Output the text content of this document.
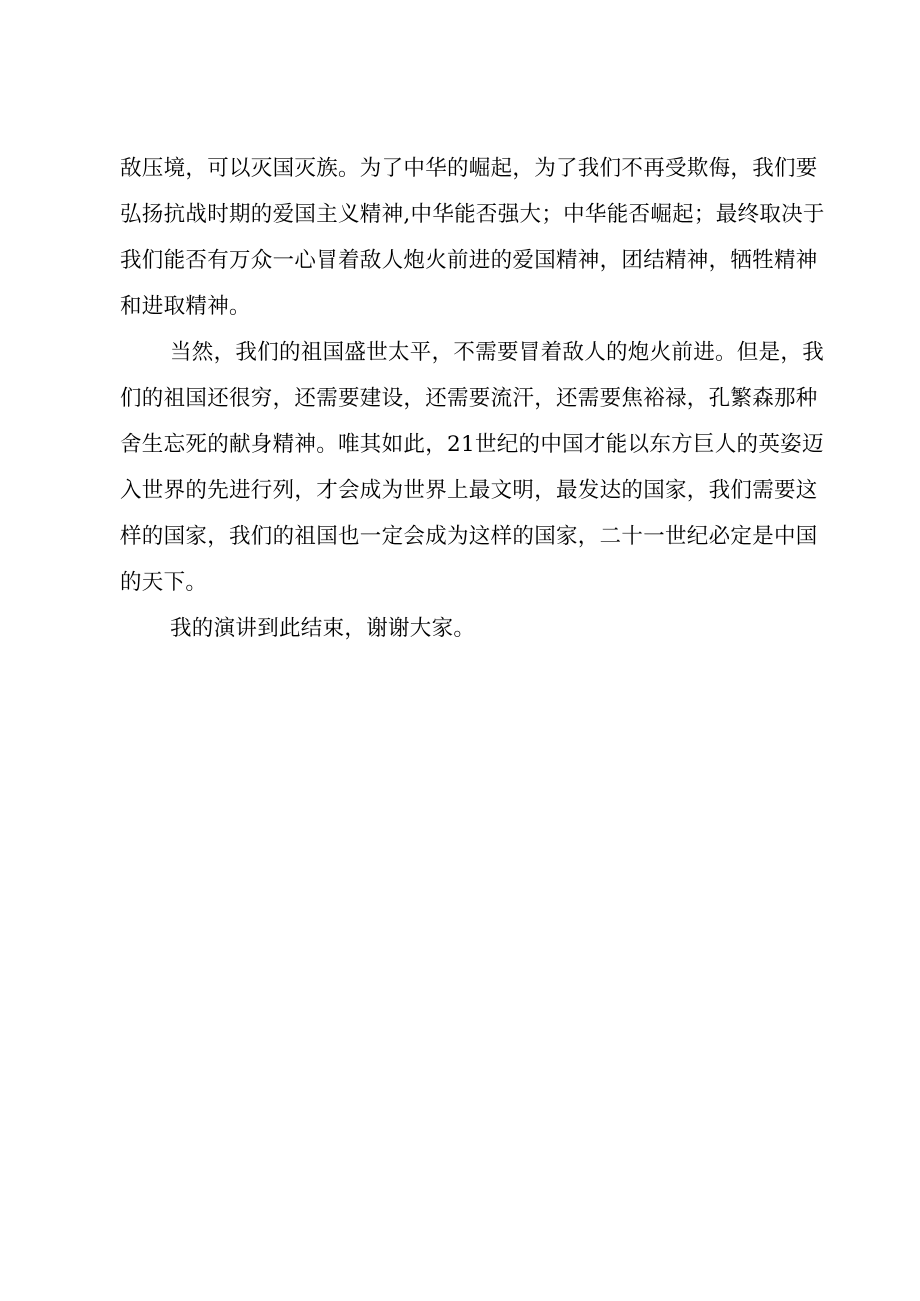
敌压境，可以灭国灭族。为了中华的崛起，为了我们不再受欺侮，我们要
弘扬抗战时期的爱国主义精神,中华能否强大；中华能否崛起；最终取决于
我们能否有万众一心冒着敌人炮火前进的爱国精神，团结精神，牺牲精神
和进取精神。
当然，我们的祖国盛世太平，不需要冒着敌人的炮火前进。但是，我
们的祖国还很穷，还需要建设，还需要流汗，还需要焦裕禄，孔繁森那种
舍生忘死的献身精神。唯其如此，21世纪的中国才能以东方巨人的英姿迈
入世界的先进行列，才会成为世界上最文明，最发达的国家，我们需要这
样的国家，我们的祖国也一定会成为这样的国家，二十一世纪必定是中国
的天下。
我的演讲到此结束，谢谢大家。
